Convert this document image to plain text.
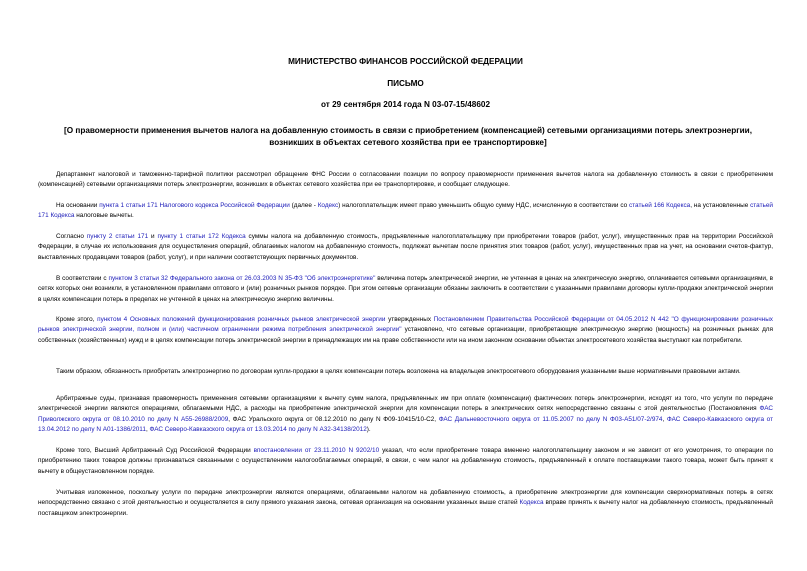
МИНИСТЕРСТВО ФИНАНСОВ РОССИЙСКОЙ ФЕДЕРАЦИИ
ПИСЬМО
от 29 сентября 2014 года N 03-07-15/48602
[О правомерности применения вычетов налога на добавленную стоимость в связи с приобретением (компенсацией) сетевыми организациями потерь электроэнергии, возникших в объектах сетевого хозяйства при ее транспортировке]
Департамент налоговой и таможенно-тарифной политики рассмотрел обращение ФНС России о согласовании позиции по вопросу правомерности применения вычетов налога на добавленную стоимость в связи с приобретением (компенсацией) сетевыми организациями потерь электроэнергии, возникших в объектах сетевого хозяйства при ее транспортировке, и сообщает следующее.
На основании пункта 1 статьи 171 Налогового кодекса Российской Федерации (далее - Кодекс) налогоплательщик имеет право уменьшить общую сумму НДС, исчисленную в соответствии со статьей 166 Кодекса, на установленные статьей 171 Кодекса налоговые вычеты.
Согласно пункту 2 статьи 171 и пункту 1 статьи 172 Кодекса суммы налога на добавленную стоимость, предъявленные налогоплательщику при приобретении товаров (работ, услуг), имущественных прав на территории Российской Федерации, в случае их использования для осуществления операций, облагаемых налогом на добавленную стоимость, подлежат вычетам после принятия этих товаров (работ, услуг), имущественных прав на учет, на основании счетов-фактур, выставленных продавцами товаров (работ, услуг), и при наличии соответствующих первичных документов.
В соответствии с пунктом 3 статьи 32 Федерального закона от 26.03.2003 N 35-ФЗ "Об электроэнергетике" величина потерь электрической энергии, не учтенная в ценах на электрическую энергию, оплачивается сетевыми организациями, в сетях которых они возникли, в установленном правилами оптового и (или) розничных рынков порядке. При этом сетевые организации обязаны заключить в соответствии с указанными правилами договоры купли-продажи электрической энергии в целях компенсации потерь в пределах не учтенной в ценах на электрическую энергию величины.
Кроме этого, пунктом 4 Основных положений функционирования розничных рынков электрической энергии утвержденных Постановлением Правительства Российской Федерации от 04.05.2012 N 442 "О функционировании розничных рынков электрической энергии, полном и (или) частичном ограничении режима потребления электрической энергии" установлено, что сетевые организации, приобретающие электрическую энергию (мощность) на розничных рынках для собственных (хозяйственных) нужд и в целях компенсации потерь электрической энергии в принадлежащих им на праве собственности или на ином законном основании объектах электросетевого хозяйства выступают как потребители.
Таким образом, обязанность приобретать электроэнергию по договорам купли-продажи в целях компенсации потерь возложена на владельцев электросетевого оборудования указанными выше нормативными правовыми актами.
Арбитражные суды, признавая правомерность применения сетевыми организациями к вычету сумм налога, предъявленных им при оплате (компенсации) фактических потерь электроэнергии, исходят из того, что услуги по передаче электрической энергии являются операциями, облагаемыми НДС, а расходы на приобретение электрической энергии для компенсации потерь в электрических сетях непосредственно связаны с этой деятельностью (Постановления ФАС Приволжского округа от 08.10.2010 по делу N А55-26988/2009, ФАС Уральского округа от 08.12.2010 по делу N Ф09-10415/10-С2, ФАС Дальневосточного округа от 11.05.2007 по делу N Ф03-А51/07-2/974, ФАС Северо-Кавказского округа от 13.04.2012 по делу N А01-1386/2011, ФАС Северо-Кавказского округа от 13.03.2014 по делу N А32-34138/2012).
Кроме того, Высший Арбитражный Суд Российской Федерации впостановлении от 23.11.2010 N 9202/10 указал, что если приобретение товара вменено налогоплательщику законом и не зависит от его усмотрения, то операции по приобретению таких товаров должны признаваться связанными с осуществлением налогооблагаемых операций, в связи, с чем налог на добавленную стоимость, предъявленный к оплате поставщиками такого товара, может быть принят к вычету в общеустановленном порядке.
Учитывая изложенное, поскольку услуги по передаче электроэнергии являются операциями, облагаемыми налогом на добавленную стоимость, а приобретение электроэнергии для компенсации сверхнормативных потерь в сетях непосредственно связано с этой деятельностью и осуществляется в силу прямого указания закона, сетевая организация на основании указанных выше статей Кодекса вправе принять к вычету налог на добавленную стоимость, предъявленный поставщиком электроэнергии.
